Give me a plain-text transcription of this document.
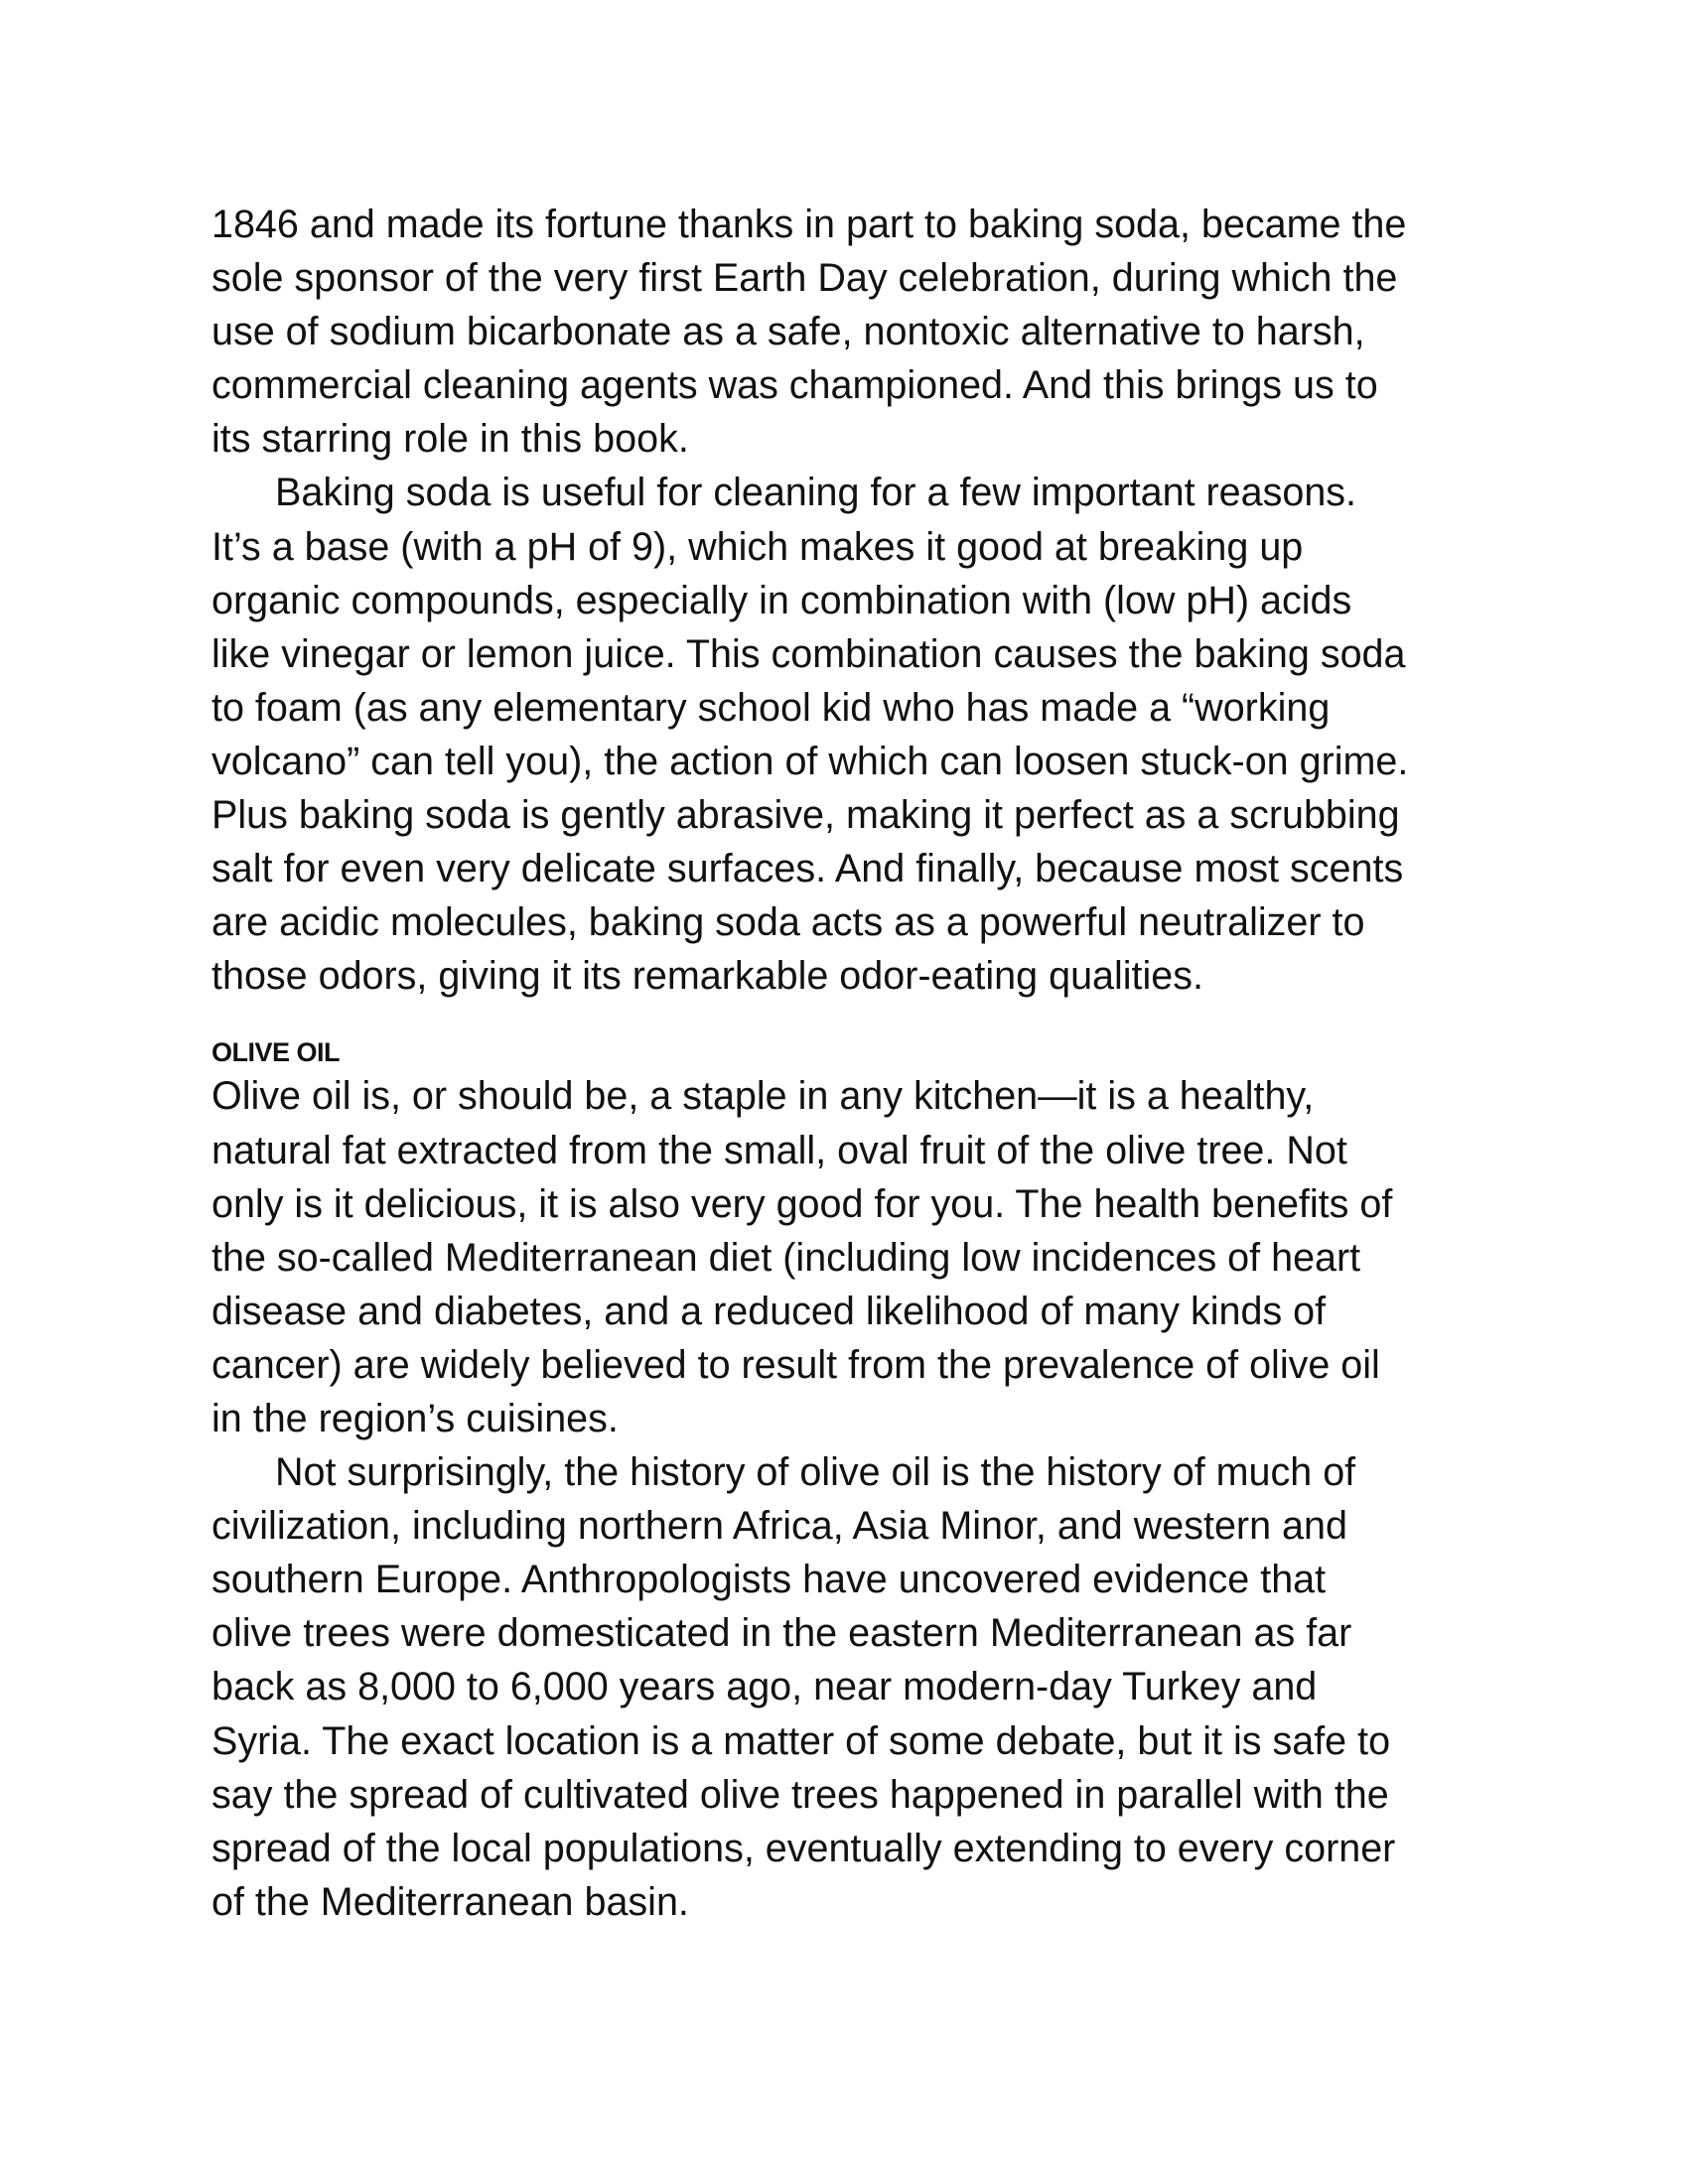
1846 and made its fortune thanks in part to baking soda, became the
sole sponsor of the very first Earth Day celebration, during which the
use of sodium bicarbonate as a safe, nontoxic alternative to harsh,
commercial cleaning agents was championed. And this brings us to
its starring role in this book.

Baking soda is useful for cleaning for a few important reasons.
It’s a base (with a pH of 9), which makes it good at breaking up
organic compounds, especially in combination with (low pH) acids
like vinegar or lemon juice. This combination causes the baking soda
to foam (as any elementary school kid who has made a “working
volcano” can tell you), the action of which can loosen stuck-on grime.
Plus baking soda is gently abrasive, making it perfect as a scrubbing
salt for even very delicate surfaces. And finally, because most scents
are acidic molecules, baking soda acts as a powerful neutralizer to
those odors, giving it its remarkable odor-eating qualities.

OLIVE OIL

Olive oil is, or should be, a staple in any kitchen—it is a healthy,
natural fat extracted from the small, oval fruit of the olive tree. Not
only is it delicious, it is also very good for you. The health benefits of
the so-called Mediterranean diet (including low incidences of heart
disease and diabetes, and a reduced likelihood of many kinds of
cancer) are widely believed to result from the prevalence of olive oil
in the region’s cuisines.

Not surprisingly, the history of olive oil is the history of much of
civilization, including northern Africa, Asia Minor, and western and
southern Europe. Anthropologists have uncovered evidence that
olive trees were domesticated in the eastern Mediterranean as far
back as 8,000 to 6,000 years ago, near modern-day Turkey and
Syria. The exact location is a matter of some debate, but it is safe to
say the spread of cultivated olive trees happened in parallel with the
spread of the local populations, eventually extending to every corner
of the Mediterranean basin.
